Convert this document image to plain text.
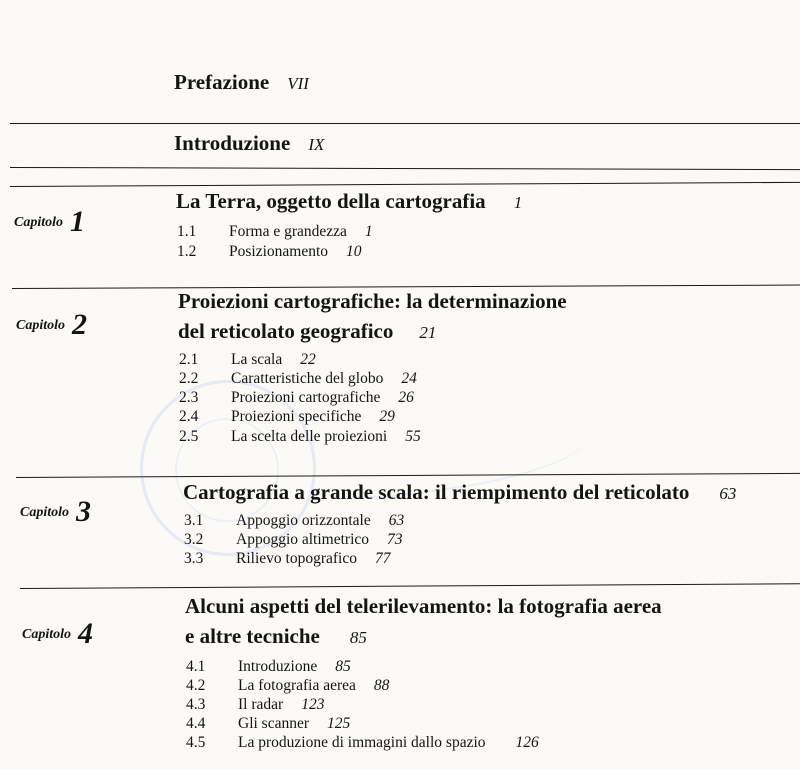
Prefazione VII
Introduzione IX
Capitolo 1
La Terra, oggetto della cartografia 1
1.1 Forma e grandezza 1
1.2 Posizionamento 10
Capitolo 2
Proiezioni cartografiche: la determinazione
del reticolato geografico 21
2.1 La scala 22
2.2 Caratteristiche del globo 24
2.3 Proiezioni cartografiche 26
2.4 Proiezioni specifiche 29
2.5 La scelta delle proiezioni 55
Capitolo 3
Cartografia a grande scala: il riempimento del reticolato 63
3.1 Appoggio orizzontale 63
3.2 Appoggio altimetrico 73
3.3 Rilievo topografico 77
Capitolo 4
Alcuni aspetti del telerilevamento: la fotografia aerea
e altre tecniche 85
4.1 Introduzione 85
4.2 La fotografia aerea 88
4.3 Il radar 123
4.4 Gli scanner 125
4.5 La produzione di immagini dallo spazio 126
